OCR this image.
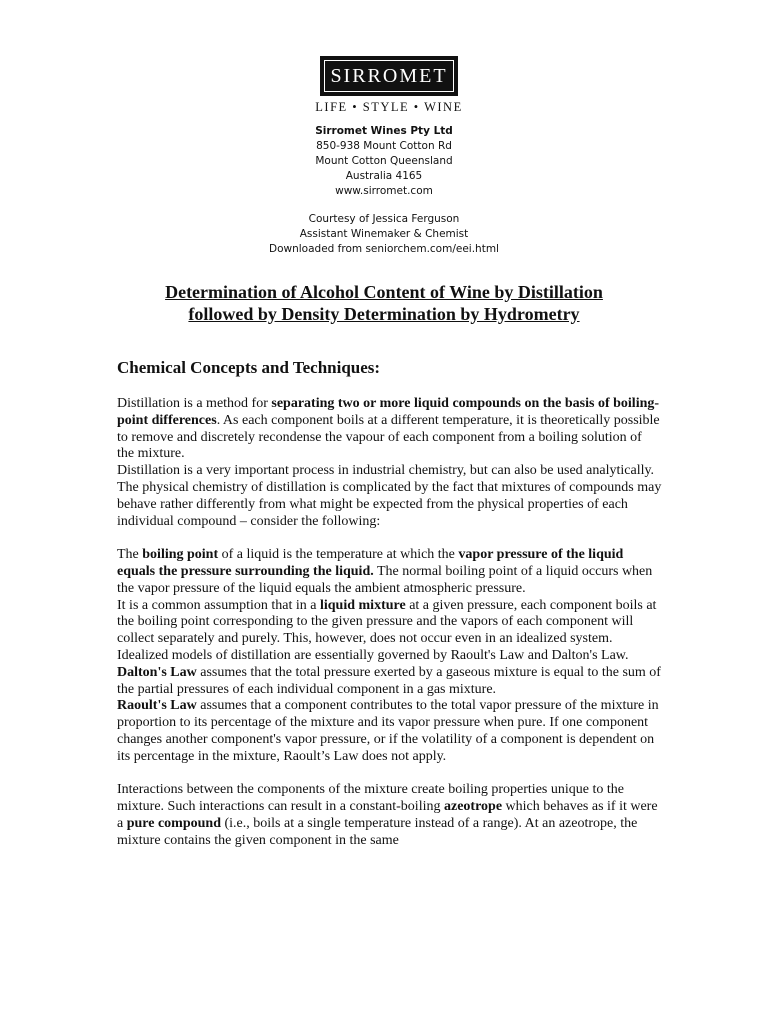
SIRROMET
LIFE • STYLE • WINE
Sirromet Wines Pty Ltd
850-938 Mount Cotton Rd
Mount Cotton Queensland
Australia 4165
www.sirromet.com
Courtesy of Jessica Ferguson
Assistant Winemaker & Chemist
Downloaded from seniorchem.com/eei.html
Determination of Alcohol Content of Wine by Distillation
followed by Density Determination by Hydrometry
Chemical Concepts and Techniques:

Distillation is a method for separating two or more liquid compounds on the basis of boiling-point differences. As each component boils at a different temperature, it is theoretically possible to remove and discretely recondense the vapour of each component from a boiling solution of the mixture.

Distillation is a very important process in industrial chemistry, but can also be used analytically.

The physical chemistry of distillation is complicated by the fact that mixtures of compounds may behave rather differently from what might be expected from the physical properties of each individual compound – consider the following:

The boiling point of a liquid is the temperature at which the vapor pressure of the liquid equals the pressure surrounding the liquid. The normal boiling point of a liquid occurs when the vapor pressure of the liquid equals the ambient atmospheric pressure.

It is a common assumption that in a liquid mixture at a given pressure, each component boils at the boiling point corresponding to the given pressure and the vapors of each component will collect separately and purely. This, however, does not occur even in an idealized system. Idealized models of distillation are essentially governed by Raoult's Law and Dalton's Law.

Dalton's Law assumes that the total pressure exerted by a gaseous mixture is equal to the sum of the partial pressures of each individual component in a gas mixture.

Raoult's Law assumes that a component contributes to the total vapor pressure of the mixture in proportion to its percentage of the mixture and its vapor pressure when pure. If one component changes another component's vapor pressure, or if the volatility of a component is dependent on its percentage in the mixture, Raoult’s Law does not apply.

Interactions between the components of the mixture create boiling properties unique to the mixture. Such interactions can result in a constant-boiling azeotrope which behaves as if it were a pure compound (i.e., boils at a single temperature instead of a range). At an azeotrope, the mixture contains the given component in the same
